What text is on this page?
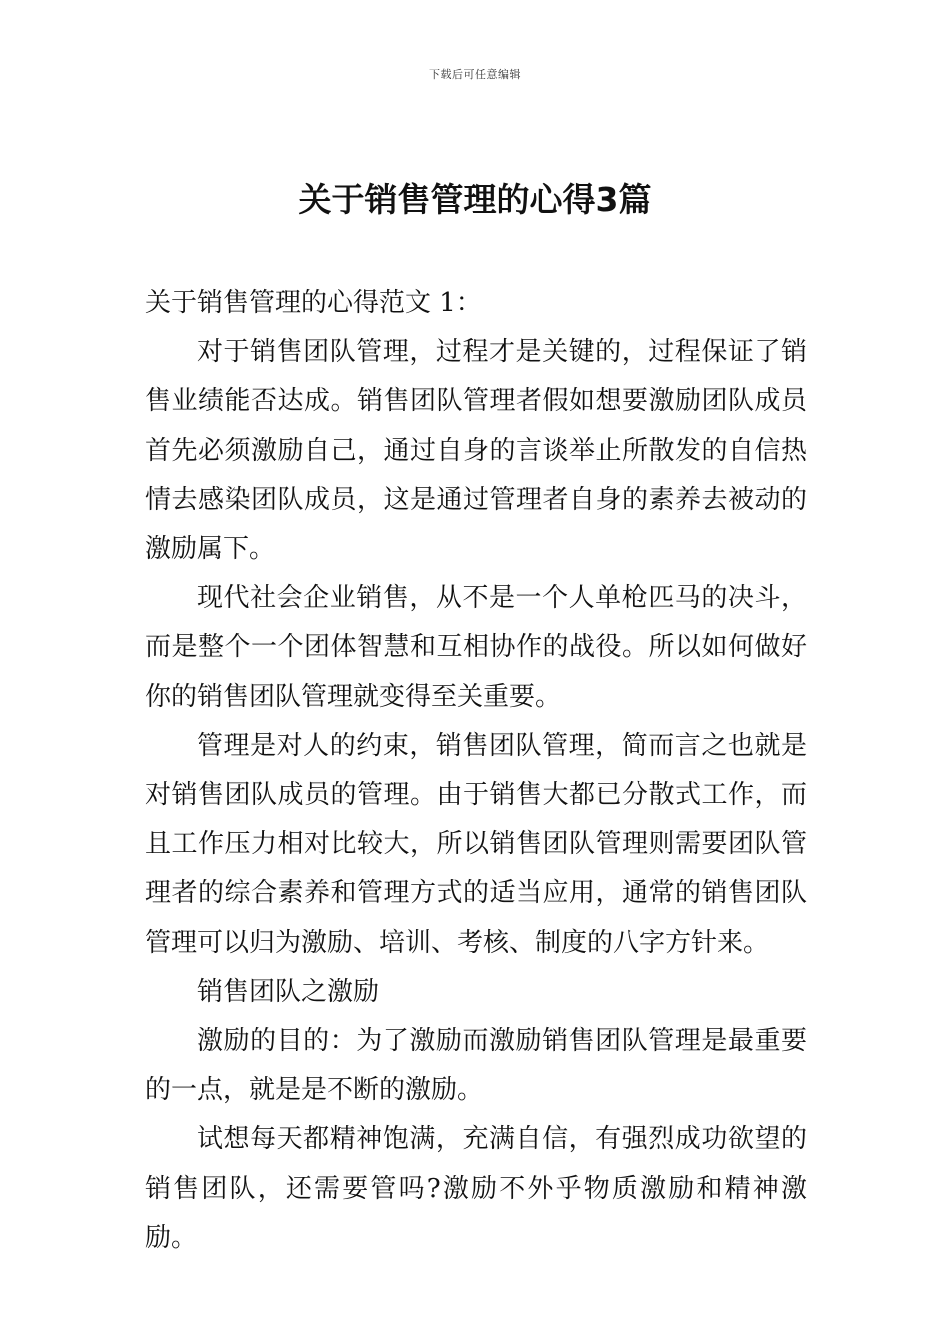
下载后可任意编辑
关于销售管理的心得3篇

关于销售管理的心得范文 1：

对于销售团队管理，过程才是关键的，过程保证了销售业绩能否达成。销售团队管理者假如想要激励团队成员首先必须激励自己，通过自身的言谈举止所散发的自信热情去感染团队成员，这是通过管理者自身的素养去被动的激励属下。

现代社会企业销售，从不是一个人单枪匹马的决斗，而是整个一个团体智慧和互相协作的战役。所以如何做好你的销售团队管理就变得至关重要。

管理是对人的约束，销售团队管理，简而言之也就是对销售团队成员的管理。由于销售大都已分散式工作，而且工作压力相对比较大，所以销售团队管理则需要团队管理者的综合素养和管理方式的适当应用，通常的销售团队管理可以归为激励、培训、考核、制度的八字方针来。

销售团队之激励

激励的目的：为了激励而激励销售团队管理是最重要的一点，就是是不断的激励。

试想每天都精神饱满，充满自信，有强烈成功欲望的销售团队，还需要管吗?激励不外乎物质激励和精神激励。
